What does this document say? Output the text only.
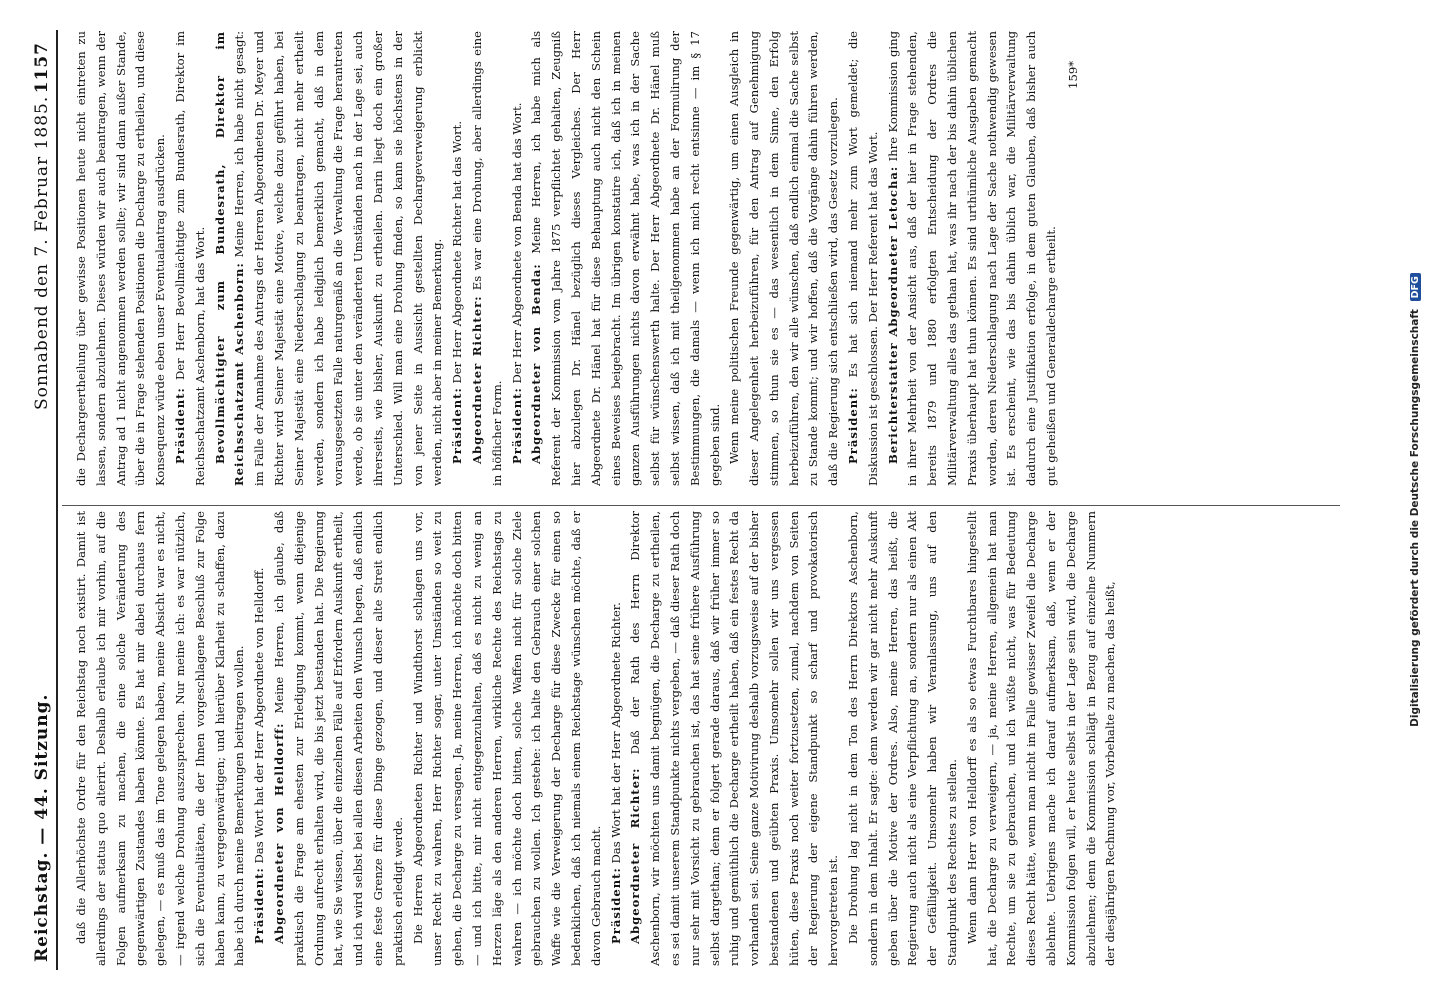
Reichstag. — 44. Sitzung.
Sonnabend den 7. Februar 1885.
1157

daß die Allerhöchste Ordre für den Reichstag noch existirt. Damit ist allerdings der status quo alterirt. Deshalb erlaube ich mir vorhin, auf die Folgen aufmerksam zu machen, die eine solche Veränderung des gegenwärtigen Zustandes haben könnte. Es hat mir dabei durchaus fern gelegen, — es muß das im Tone gelegen haben, meine Absicht war es nicht, — irgend welche Drohung auszusprechen. Nur meine ich: es war nützlich, sich die Eventualitäten, die der Ihnen vorgeschlagene Beschluß zur Folge haben kann, zu vergegenwärtigen; und hierüber Klarheit zu schaffen, dazu habe ich durch meine Bemerkungen beitragen wollen. Präsident: Das Wort hat der Herr Abgeordnete von Helldorff. Abgeordneter von Helldorff: Meine Herren, ich glaube, daß praktisch die Frage am ehesten zur Erledigung kommt, wenn diejenige Ordnung aufrecht erhalten wird, die bis jetzt bestanden hat. Die Regierung hat, wie Sie wissen, über die einzelnen Fälle auf Erfordern Auskunft ertheilt, und ich wird selbst bei allen diesen Arbeiten den Wunsch hegen, daß endlich eine feste Grenze für diese Dinge gezogen, und dieser alte Streit endlich praktisch erledigt werde. Die Herren Abgeordneten Richter und Windthorst schlagen uns vor, unser Recht zu wahren, Herr Richter sogar, unter Umständen so weit zu gehen, die Decharge zu versagen. Ja, meine Herren, ich möchte doch bitten — und ich bitte, mir nicht entgegenzuhalten, daß es nicht zu wenig an Herzen läge als den anderen Herren, wirkliche Rechte des Reichstags zu wahren — ich möchte doch bitten, solche Waffen nicht für solche Ziele gebrauchen zu wollen. Ich gestehe: ich halte den Gebrauch einer solchen Waffe wie die Verweigerung der Decharge für diese Zwecke für einen so bedenklichen, daß ich niemals einem Reichstage wünschen möchte, daß er davon Gebrauch macht. Präsident: Das Wort hat der Herr Abgeordnete Richter. Abgeordneter Richter: Daß der Rath des Herrn Direktor Aschenborn, wir möchten uns damit begnügen, die Decharge zu ertheilen, es sei damit unserem Standpunkte nichts vergeben, — daß dieser Rath doch nur sehr mit Vorsicht zu gebrauchen ist, das hat seine frühere Ausführung selbst dargethan; denn er folgert gerade daraus, daß wir früher immer so ruhig und gemüthlich die Decharge ertheilt haben, daß ein festes Recht da vorhanden sei. Seine ganze Motivirung deshalb vorzugsweise auf der bisher bestandenen und geübten Praxis. Umsomehr sollen wir uns vergessen hüten, diese Praxis noch weiter fortzusetzen, zumal, nachdem von Seiten der Regierung der eigene Standpunkt so scharf und provokatorisch hervorgetreten ist. Die Drohung lag nicht in dem Ton des Herrn Direktors Aschenborn, sondern in dem Inhalt. Er sagte: denn werden wir gar nicht mehr Auskunft geben über die Motive der Ordres. Also, meine Herren, das heißt, die Regierung auch nicht als eine Verpflichtung an, sondern nur als einen Akt der Gefälligkeit. Umsomehr haben wir Veranlassung, uns auf den Standpunkt des Rechtes zu stellen. Wenn dann Herr von Helldorff es als so etwas Furchtbares hingestellt hat, die Decharge zu verweigern, — ja, meine Herren, allgemein hat man Rechte, um sie zu gebrauchen, und ich wüßte nicht, was für Bedeutung dieses Recht hätte, wenn man nicht im Falle gewisser Zweifel die Decharge ablehnte. Uebrigens mache ich darauf aufmerksam, daß, wenn er der Kommission folgen will, er heute selbst in der Lage sein wird, die Decharge abzulehnen; denn die Kommission schlägt in Bezug auf einzelne Nummern der diesjährigen Rechnung vor, Vorbehalte zu machen, das heißt,

die Dechargeertheilung über gewisse Positionen heute nicht eintreten zu lassen, sondern abzulehnen. Dieses würden wir auch beantragen, wenn der Antrag ad 1 nicht angenommen werden sollte; wir sind dann außer Stande, über die in Frage stehenden Positionen die Decharge zu ertheilen, und diese Konsequenz würde eben unser Eventualantrag ausdrücken. Präsident: Der Herr Bevollmächtigte zum Bundesrath, Direktor im Reichsschatzamt Aschenborn, hat das Wort. Bevollmächtigter zum Bundesrath, Direktor im Reichsschatzamt Aschenborn: Meine Herren, ich habe nicht gesagt: im Falle der Annahme des Antrags der Herren Abgeordneten Dr. Meyer und Richter wird Seiner Majestät eine Motive, welche dazu geführt haben, bei Seiner Majestät eine Niederschlagung zu beantragen, nicht mehr ertheilt werden, sondern ich habe lediglich bemerklich gemacht, daß in dem vorausgesetzten Falle naturgemäß an die Verwaltung die Frage herantreten werde, ob sie unter den veränderten Umständen nach in der Lage sei, auch ihrerseits, wie bisher, Auskunft zu ertheilen. Darin liegt doch ein großer Unterschied. Will man eine Drohung finden, so kann sie höchstens in der von jener Seite in Aussicht gestellten Dechargeverweigerung erblickt werden, nicht aber in meiner Bemerkung. Präsident: Der Herr Abgeordnete Richter hat das Wort. Abgeordneter Richter: Es war eine Drohung, aber allerdings eine in höflicher Form. Präsident: Der Herr Abgeordnete von Benda hat das Wort. Abgeordneter von Benda: Meine Herren, ich habe mich als Referent der Kommission vom Jahre 1875 verpflichtet gehalten, Zeugniß hier abzulegen Dr. Hänel bezüglich dieses Vergleiches. Der Herr Abgeordnete Dr. Hänel hat für diese Behauptung auch nicht den Schein eines Beweises beigebracht. Im übrigen konstatire ich, daß ich in meinen ganzen Ausführungen nichts davon erwähnt habe, was ich in der Sache selbst für wünschenswerth halte. Der Herr Abgeordnete Dr. Hänel muß selbst wissen, daß ich mit theilgenommen habe an der Formulirung der Bestimmungen, die damals — wenn ich mich recht entsinne — im § 17 gegeben sind. Wenn meine politischen Freunde gegenwärtig, um einen Ausgleich in dieser Angelegenheit herbeizuführen, für den Antrag auf Genehmigung stimmen, so thun sie es — das wesentlich in dem Sinne, den Erfolg herbeizuführen, den wir alle wünschen, daß endlich einmal die Sache selbst zu Stande kommt; und wir hoffen, daß die Vorgänge dahin führen werden, daß die Regierung sich entschließen wird, das Gesetz vorzulegen. Präsident: Es hat sich niemand mehr zum Wort gemeldet; die Diskussion ist geschlossen. Der Herr Referent hat das Wort. Berichterstatter Abgeordneter Letocha: Ihre Kommission ging in ihrer Mehrheit von der Ansicht aus, daß der hier in Frage stehenden, bereits 1879 und 1880 erfolgten Entscheidung der Ordres die Militärverwaltung alles das gethan hat, was ihr nach der bis dahin üblichen Praxis überhaupt hat thun können. Es sind urthümliche Ausgaben gemacht worden, deren Niederschlagung nach Lage der Sache nothwendig gewesen ist. Es erscheint, wie das bis dahin üblich war, die Militärverwaltung dadurch eine Justifikation erfolge, in dem guten Glauben, daß bisher auch gut geheißen und Generaldecharge ertheilt.

159*
Digitalisierung gefördert durch die Deutsche Forschungsgemeinschaft DFG
